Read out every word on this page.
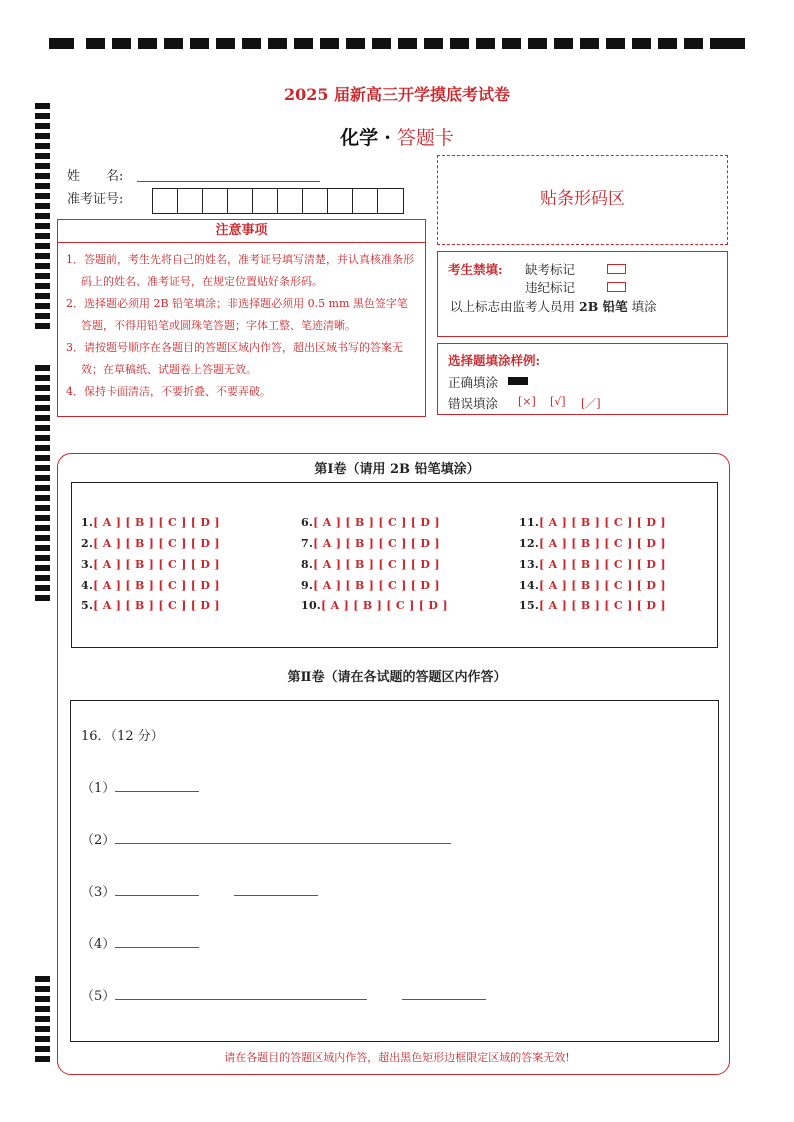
2025 届新高三开学摸底考试卷
化学 · 答题卡
姓　　名:
准考证号:
注意事项

1．答题前，考生先将自己的姓名，准考证号填写清楚，并认真核准条形码上的姓名、准考证号，在规定位置贴好条形码。

2．选择题必须用 2B 铅笔填涂；非选择题必须用 0.5 mm 黑色签字笔答题，不得用铅笔或圆珠笔答题；字体工整、笔迹清晰。

3．请按题号顺序在各题目的答题区域内作答，超出区域书写的答案无效；在草稿纸、试题卷上答题无效。

4．保持卡面清洁，不要折叠、不要弄破。

贴条形码区
考生禁填: 缺考标记
违纪标记
以上标志由监考人员用 2B 铅笔 填涂
选择题填涂样例:
正确填涂
错误填涂 [×] [√] [／]
第Ⅰ卷（请用 2B 铅笔填涂）
1.[ A ] [ B ] [ C ] [ D ]
2.[ A ] [ B ] [ C ] [ D ]
3.[ A ] [ B ] [ C ] [ D ]
4.[ A ] [ B ] [ C ] [ D ]
5.[ A ] [ B ] [ C ] [ D ]
6.[ A ] [ B ] [ C ] [ D ]
7.[ A ] [ B ] [ C ] [ D ]
8.[ A ] [ B ] [ C ] [ D ]
9.[ A ] [ B ] [ C ] [ D ]
10.[ A ] [ B ] [ C ] [ D ]
11.[ A ] [ B ] [ C ] [ D ]
12.[ A ] [ B ] [ C ] [ D ]
13.[ A ] [ B ] [ C ] [ D ]
14.[ A ] [ B ] [ C ] [ D ]
15.[ A ] [ B ] [ C ] [ D ]
第Ⅱ卷（请在各试题的答题区内作答）
16．（12 分）
（1）
（2）
（3）
（4）
（5）
请在各题目的答题区域内作答，超出黑色矩形边框限定区域的答案无效!
